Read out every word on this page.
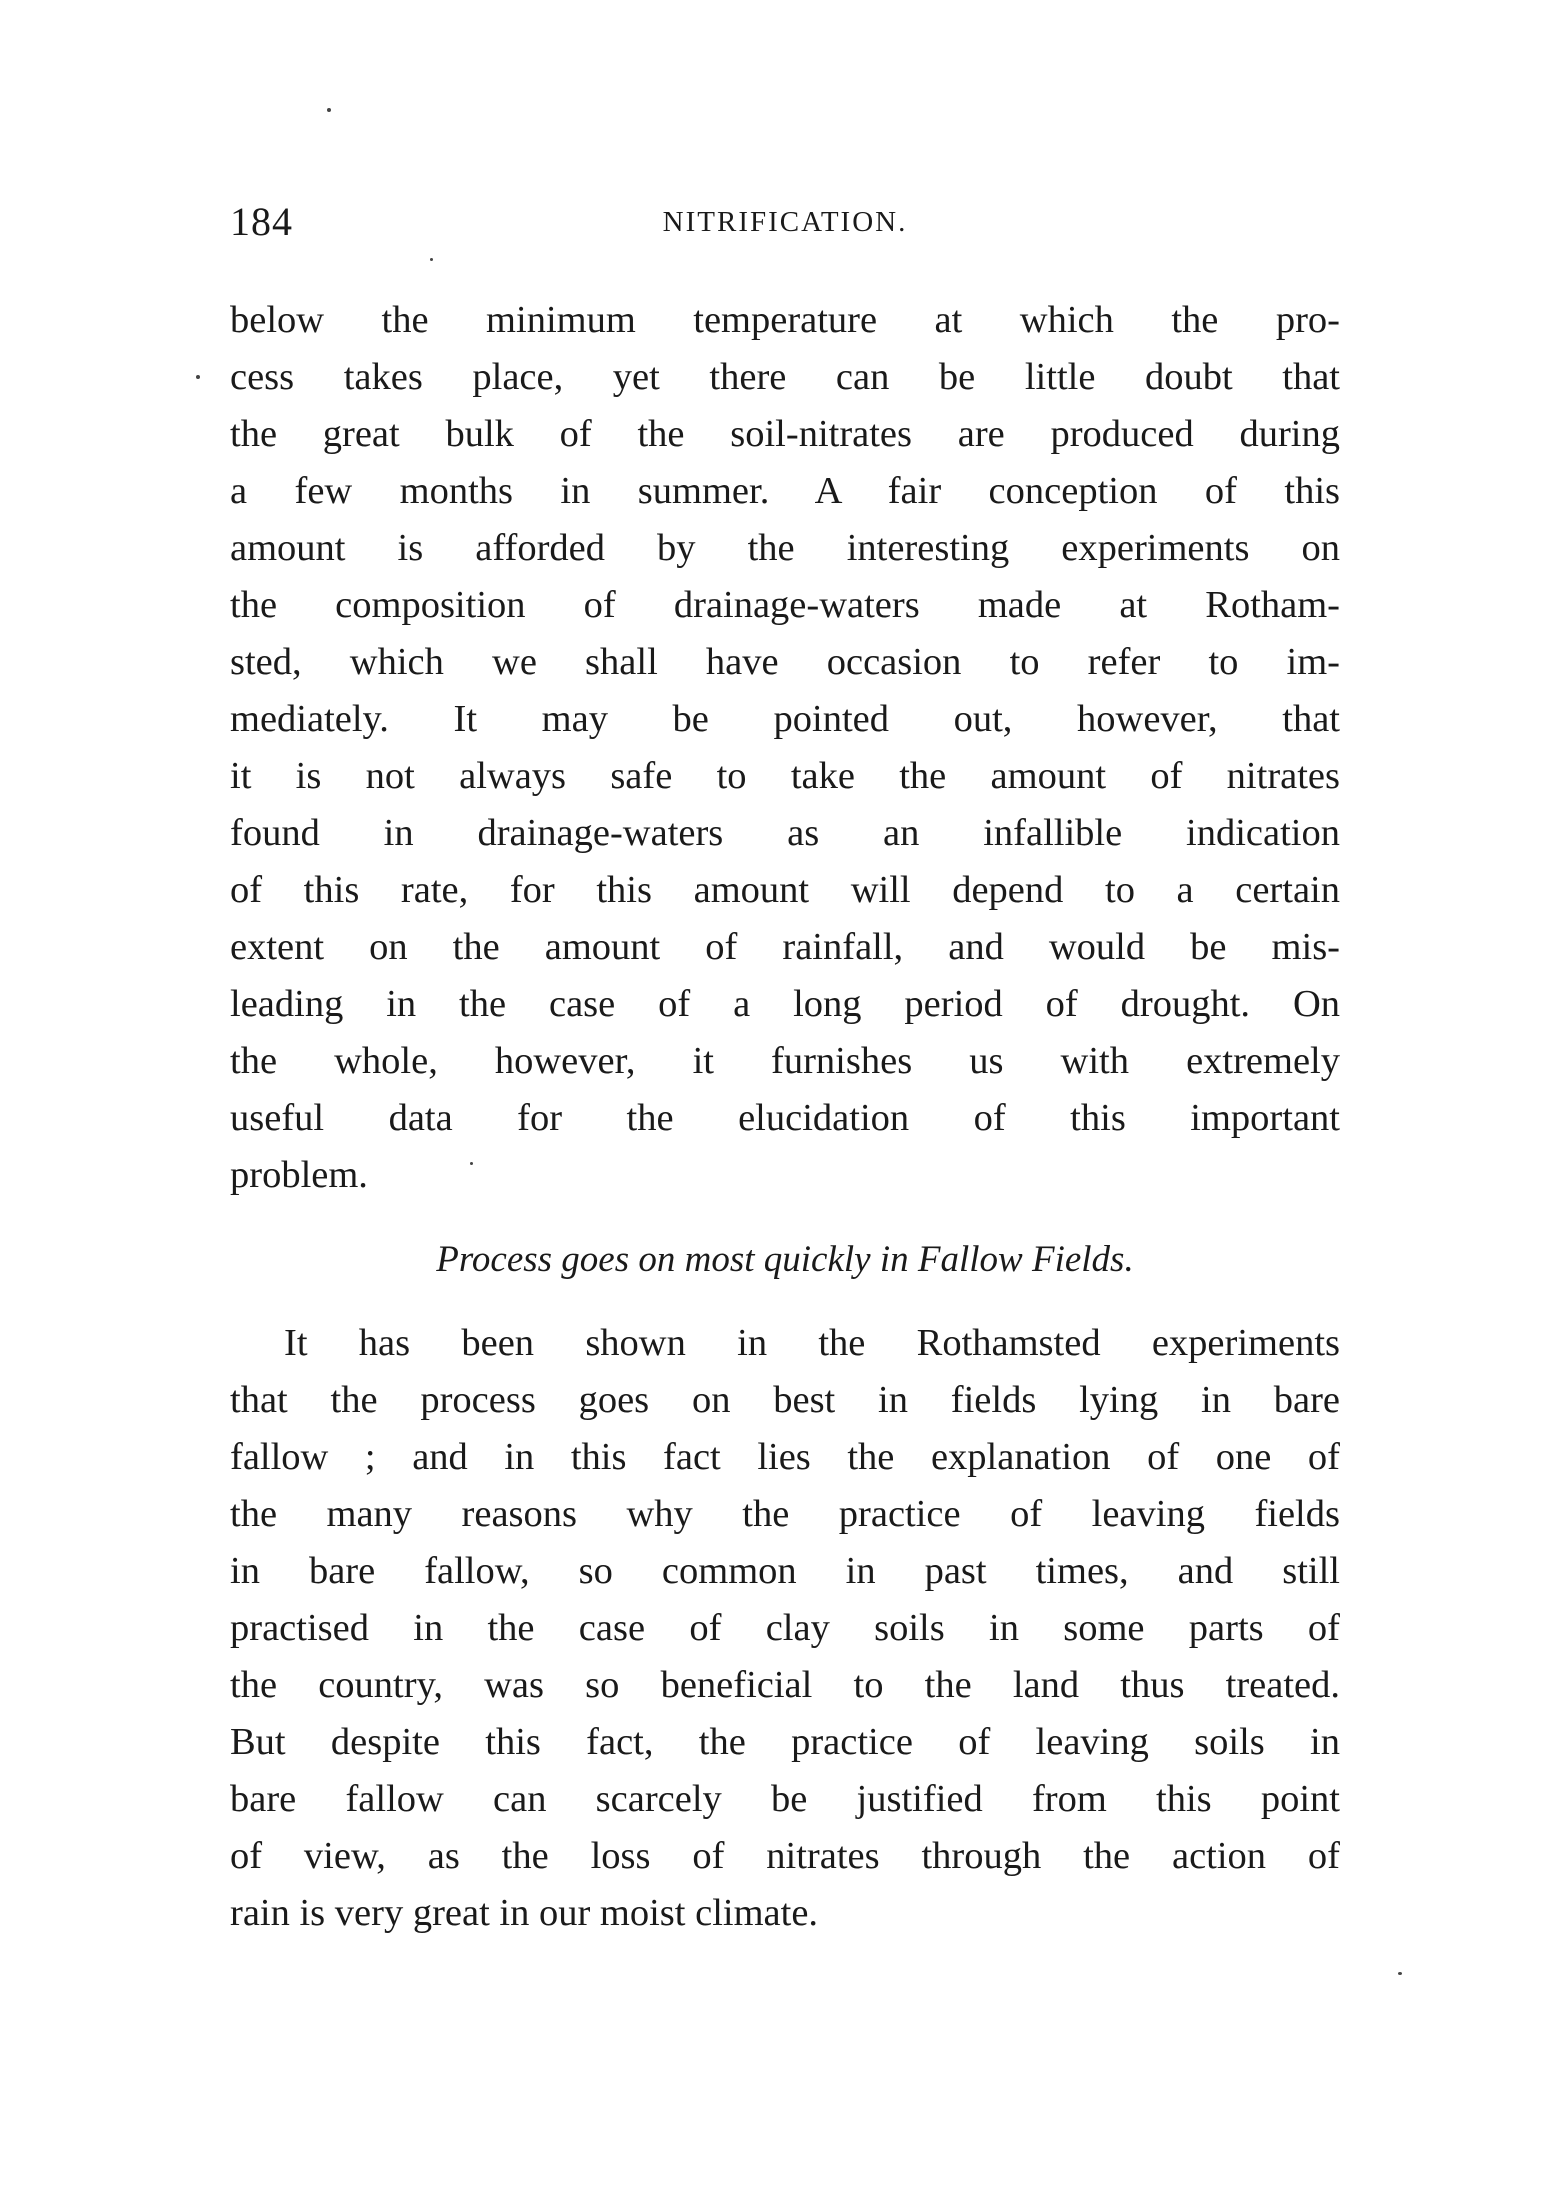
184	NITRIFICATION.
below the minimum temperature at which the pro-
cess takes place, yet there can be little doubt that
the great bulk of the soil-nitrates are produced during
a few months in summer. A fair conception of this
amount is afforded by the interesting experiments on
the composition of drainage-waters made at Rotham-
sted, which we shall have occasion to refer to im-
mediately. It may be pointed out, however, that
it is not always safe to take the amount of nitrates
found in drainage-waters as an infallible indication
of this rate, for this amount will depend to a certain
extent on the amount of rainfall, and would be mis-
leading in the case of a long period of drought. On
the whole, however, it furnishes us with extremely
useful data for the elucidation of this important
problem.
Process goes on most quickly in Fallow Fields.
It has been shown in the Rothamsted experiments
that the process goes on best in fields lying in bare
fallow ; and in this fact lies the explanation of one of
the many reasons why the practice of leaving fields
in bare fallow, so common in past times, and still
practised in the case of clay soils in some parts of
the country, was so beneficial to the land thus treated.
But despite this fact, the practice of leaving soils in
bare fallow can scarcely be justified from this point
of view, as the loss of nitrates through the action of
rain is very great in our moist climate.
